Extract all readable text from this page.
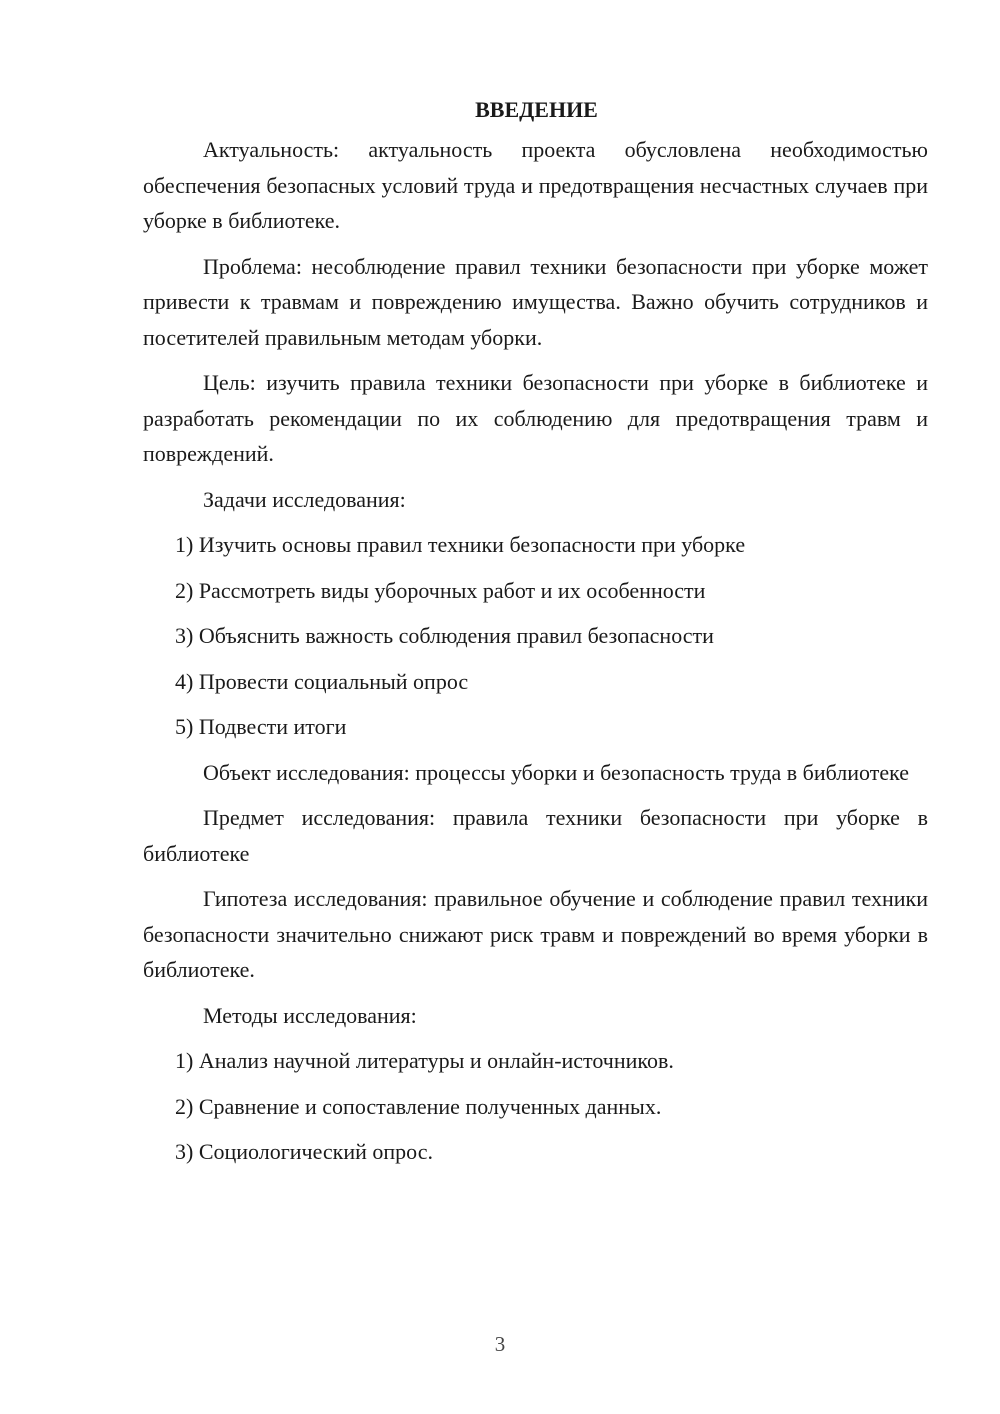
ВВЕДЕНИЕ

Актуальность: актуальность проекта обусловлена необходимостью обеспечения безопасных условий труда и предотвращения несчастных случаев при уборке в библиотеке.

Проблема: несоблюдение правил техники безопасности при уборке может привести к травмам и повреждению имущества. Важно обучить сотрудников и посетителей правильным методам уборки.

Цель: изучить правила техники безопасности при уборке в библиотеке и разработать рекомендации по их соблюдению для предотвращения травм и повреждений.

Задачи исследования:

1) Изучить основы правил техники безопасности при уборке
2) Рассмотреть виды уборочных работ и их особенности
3) Объяснить важность соблюдения правил безопасности
4) Провести социальный опрос
5) Подвести итоги

Объект исследования: процессы уборки и безопасность труда в библиотеке

Предмет исследования: правила техники безопасности при уборке в библиотеке

Гипотеза исследования: правильное обучение и соблюдение правил техники безопасности значительно снижают риск травм и повреждений во время уборки в библиотеке.

Методы исследования:

1) Анализ научной литературы и онлайн-источников.
2) Сравнение и сопоставление полученных данных.
3) Социологический опрос.
3
